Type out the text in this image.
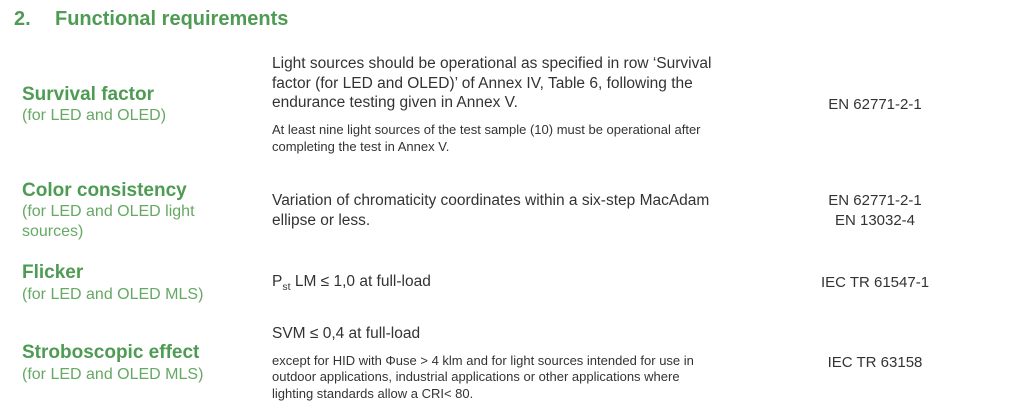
2.	Functional requirements
Survival factor
(for LED and OLED)
Light sources should be operational as specified in row ‘Survival factor (for LED and OLED)’ of Annex IV, Table 6, following the endurance testing given in Annex V.
At least nine light sources of the test sample (10) must be operational after completing the test in Annex V.
EN 62771-2-1
Color consistency
(for LED and OLED light sources)
Variation of chromaticity coordinates within a six-step MacAdam ellipse or less.
EN 62771-2-1
EN 13032-4
Flicker
(for LED and OLED MLS)
$P_{st}$ LM ≤ 1,0 at full-load	IEC TR 61547-1
Stroboscopic effect
(for LED and OLED MLS)
SVM ≤ 0,4 at full-load
except for HID with Φuse > 4 klm and for light sources intended for use in outdoor applications, industrial applications or other applications where lighting standards allow a CRI< 80.
IEC TR 63158
